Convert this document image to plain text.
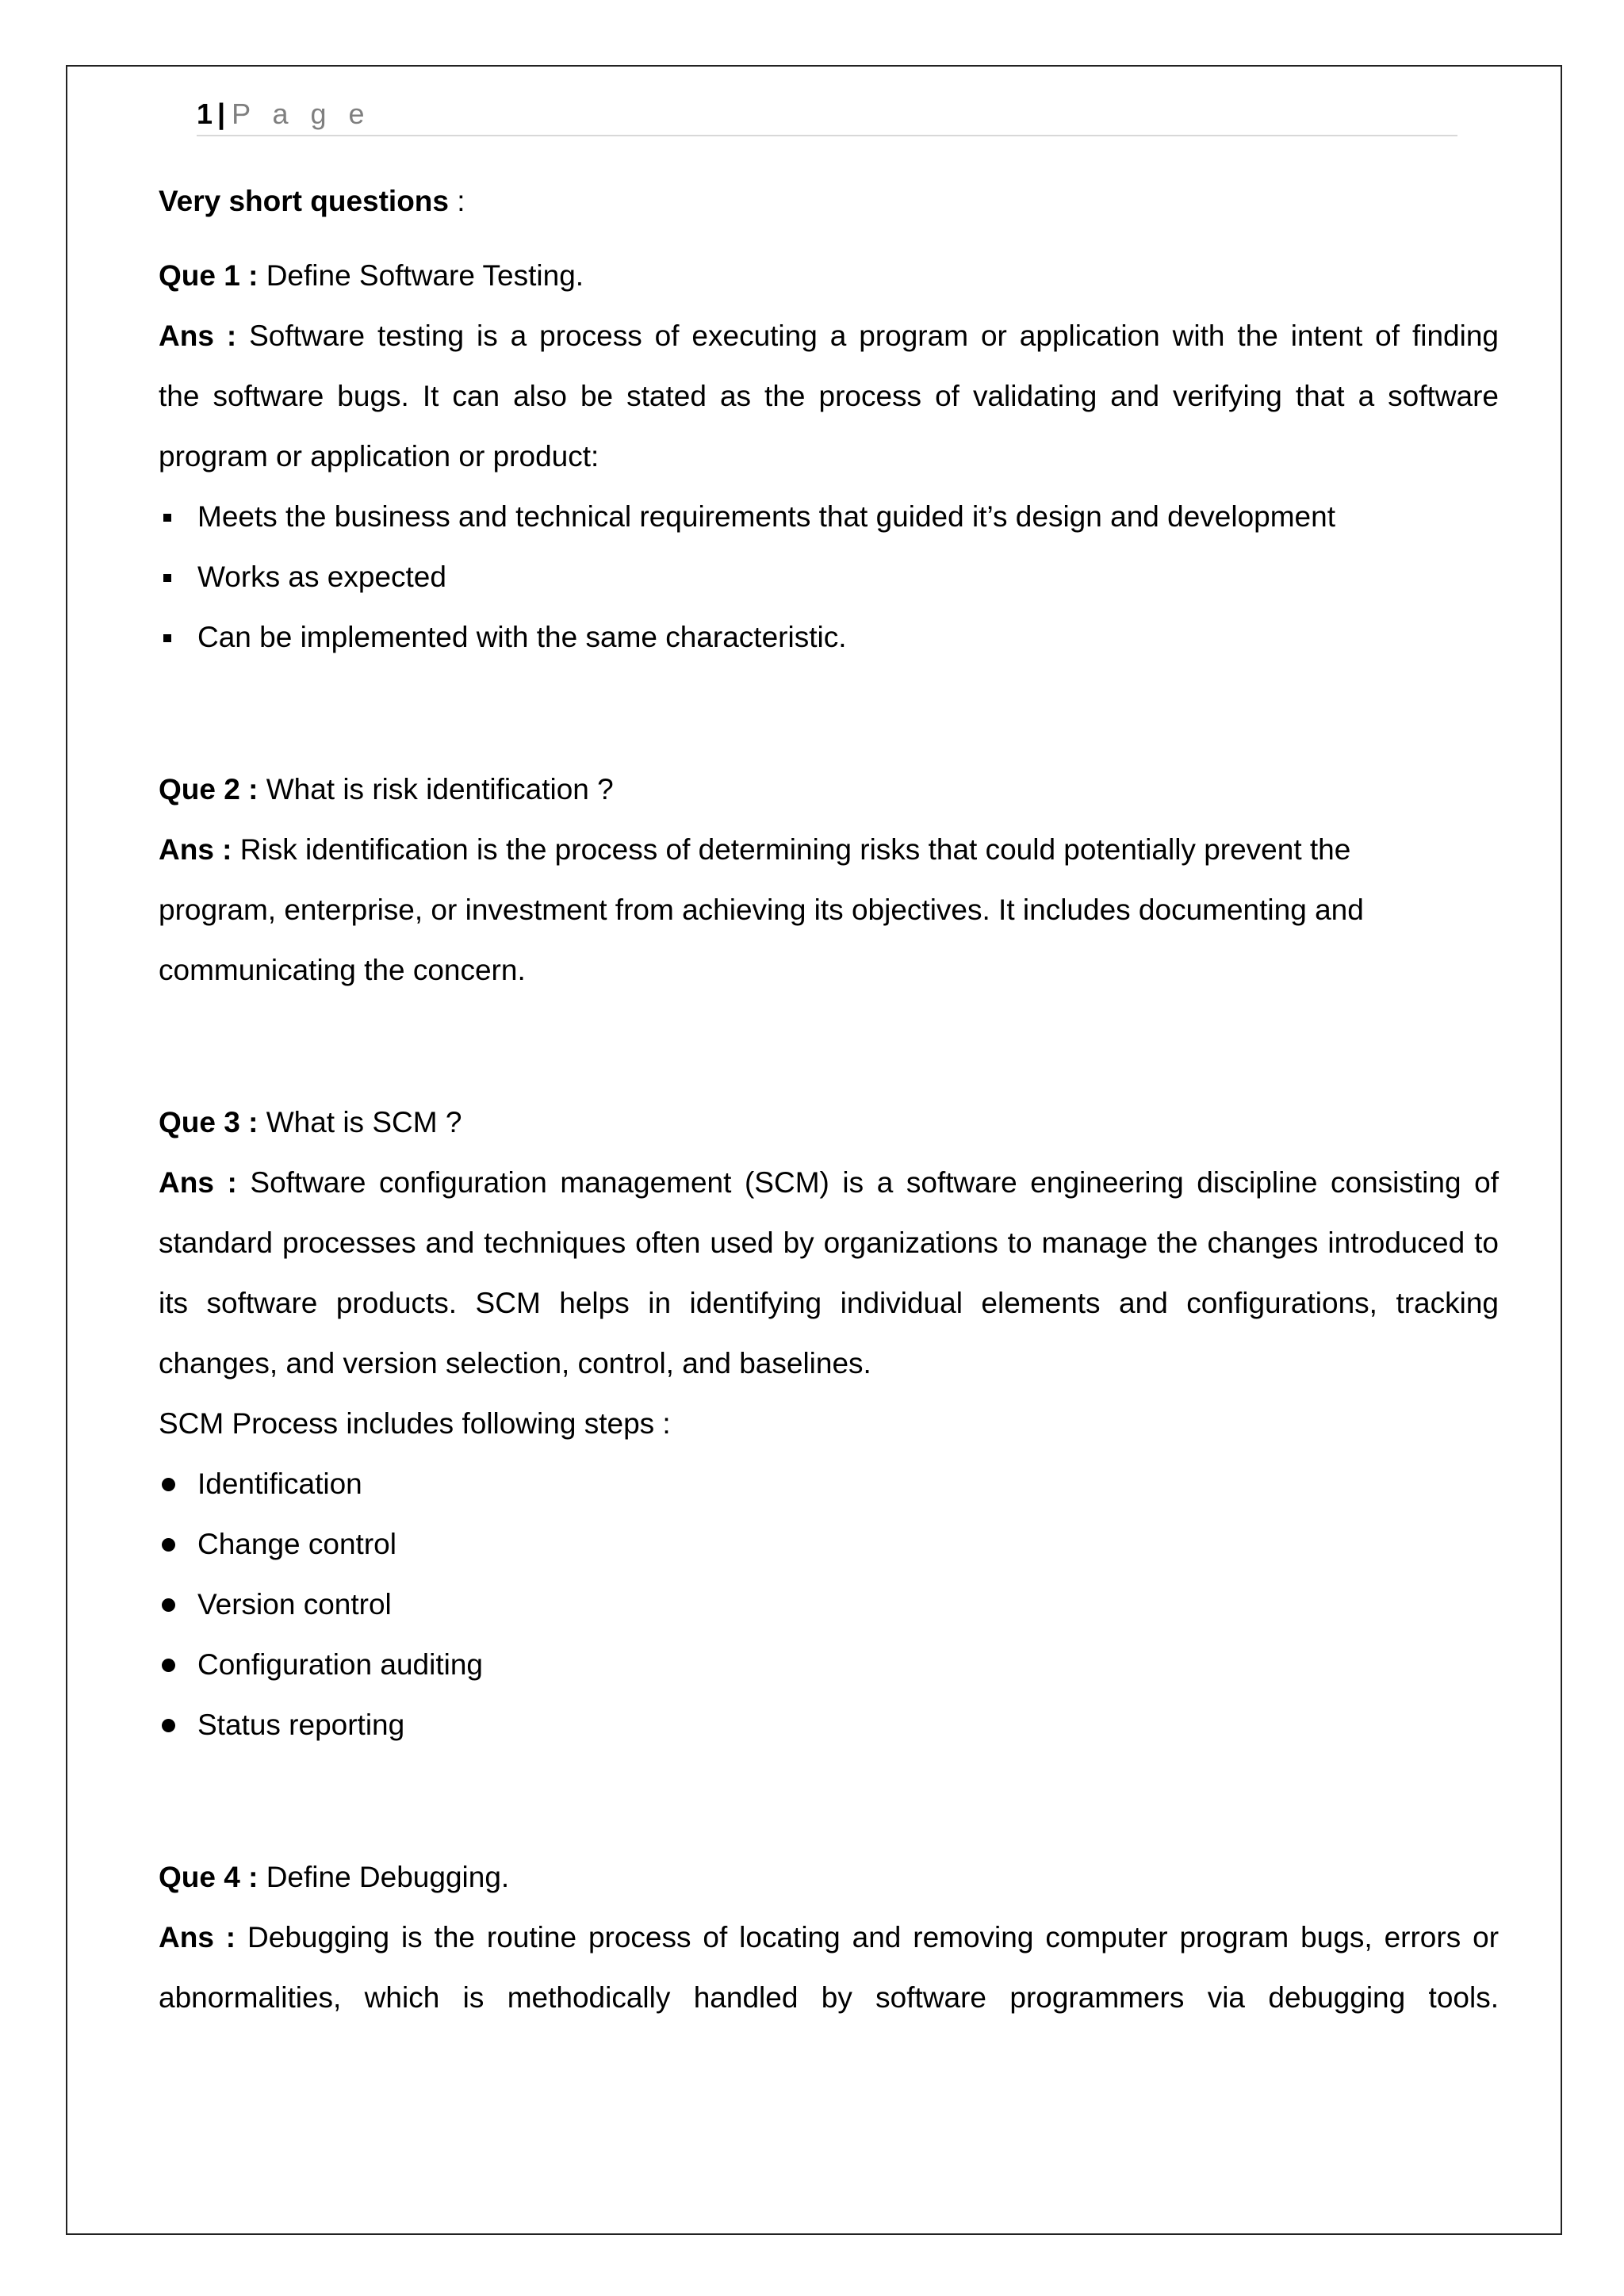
1 | P a g e

Very short questions :

Que 1 : Define Software Testing.

Ans : Software testing is a process of executing a program or application with the intent of finding

the software bugs. It can also be stated as the process of validating and verifying that a software

program or application or product:

Meets the business and technical requirements that guided it’s design and development
Works as expected
Can be implemented with the same characteristic.

Que 2 : What is risk identification ?

Ans : Risk identification is the process of determining risks that could potentially prevent the

program, enterprise, or investment from achieving its objectives. It includes documenting and

communicating the concern.

Que 3 : What is SCM ?

Ans : Software configuration management (SCM) is a software engineering discipline consisting of

standard processes and techniques often used by organizations to manage the changes introduced to

its software products. SCM helps in identifying individual elements and configurations, tracking

changes, and version selection, control, and baselines.

SCM Process includes following steps :

Identification
Change control
Version control
Configuration auditing
Status reporting

Que 4 : Define Debugging.

Ans : Debugging is the routine process of locating and removing computer program bugs, errors or

abnormalities, which is methodically handled by software programmers via debugging tools.
